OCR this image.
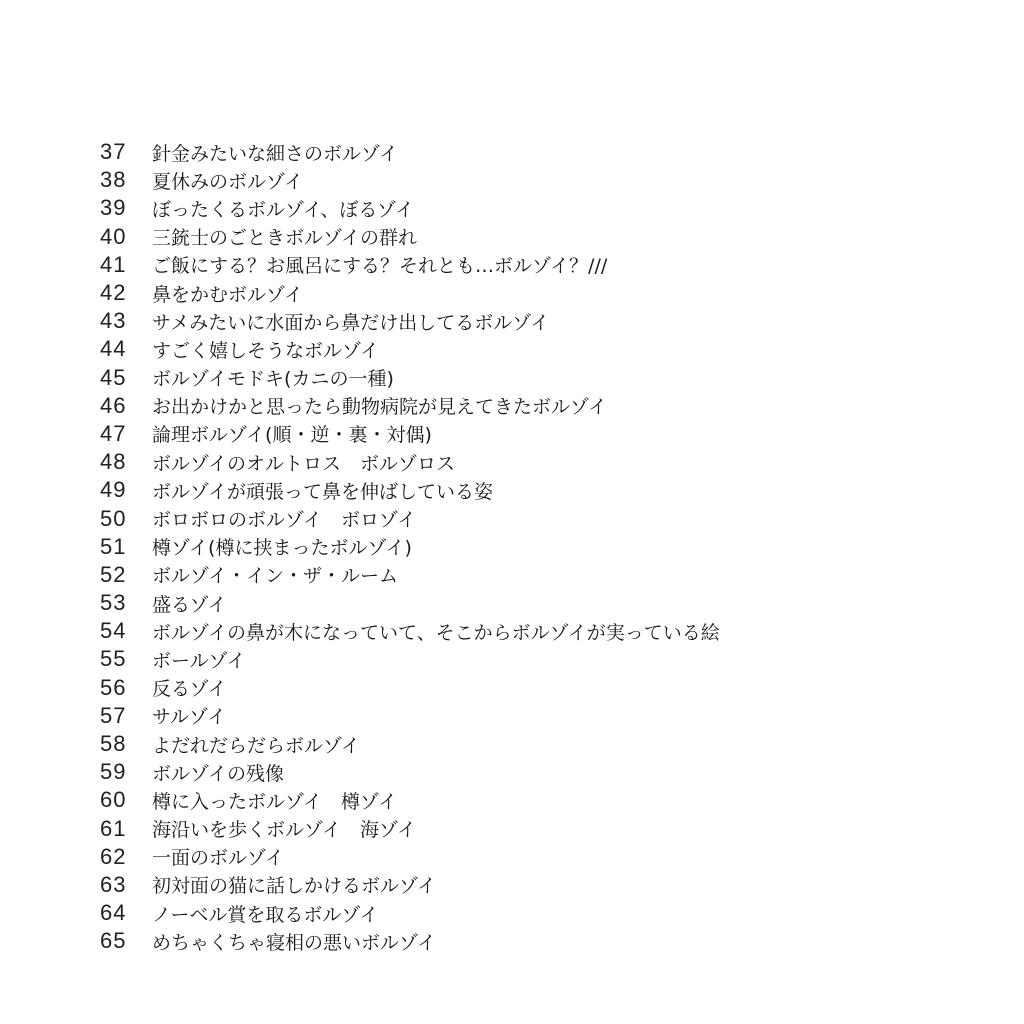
37	針金みたいな細さのボルゾイ
38	夏休みのボルゾイ
39	ぼったくるボルゾイ、ぼるゾイ
40	三銃士のごときボルゾイの群れ
41	ご飯にする？お風呂にする？それとも…ボルゾイ？///
42	鼻をかむボルゾイ
43	サメみたいに水面から鼻だけ出してるボルゾイ
44	すごく嬉しそうなボルゾイ
45	ボルゾイモドキ(カニの一種)
46	お出かけかと思ったら動物病院が見えてきたボルゾイ
47	論理ボルゾイ(順・逆・裏・対偶)
48	ボルゾイのオルトロス　ボルゾロス
49	ボルゾイが頑張って鼻を伸ばしている姿
50	ボロボロのボルゾイ　ボロゾイ
51	樽ゾイ(樽に挟まったボルゾイ)
52	ボルゾイ・イン・ザ・ルーム
53	盛るゾイ
54	ボルゾイの鼻が木になっていて、そこからボルゾイが実っている絵
55	ボールゾイ
56	反るゾイ
57	サルゾイ
58	よだれだらだらボルゾイ
59	ボルゾイの残像
60	樽に入ったボルゾイ　樽ゾイ
61	海沿いを歩くボルゾイ　海ゾイ
62	一面のボルゾイ
63	初対面の猫に話しかけるボルゾイ
64	ノーベル賞を取るボルゾイ
65	めちゃくちゃ寝相の悪いボルゾイ
